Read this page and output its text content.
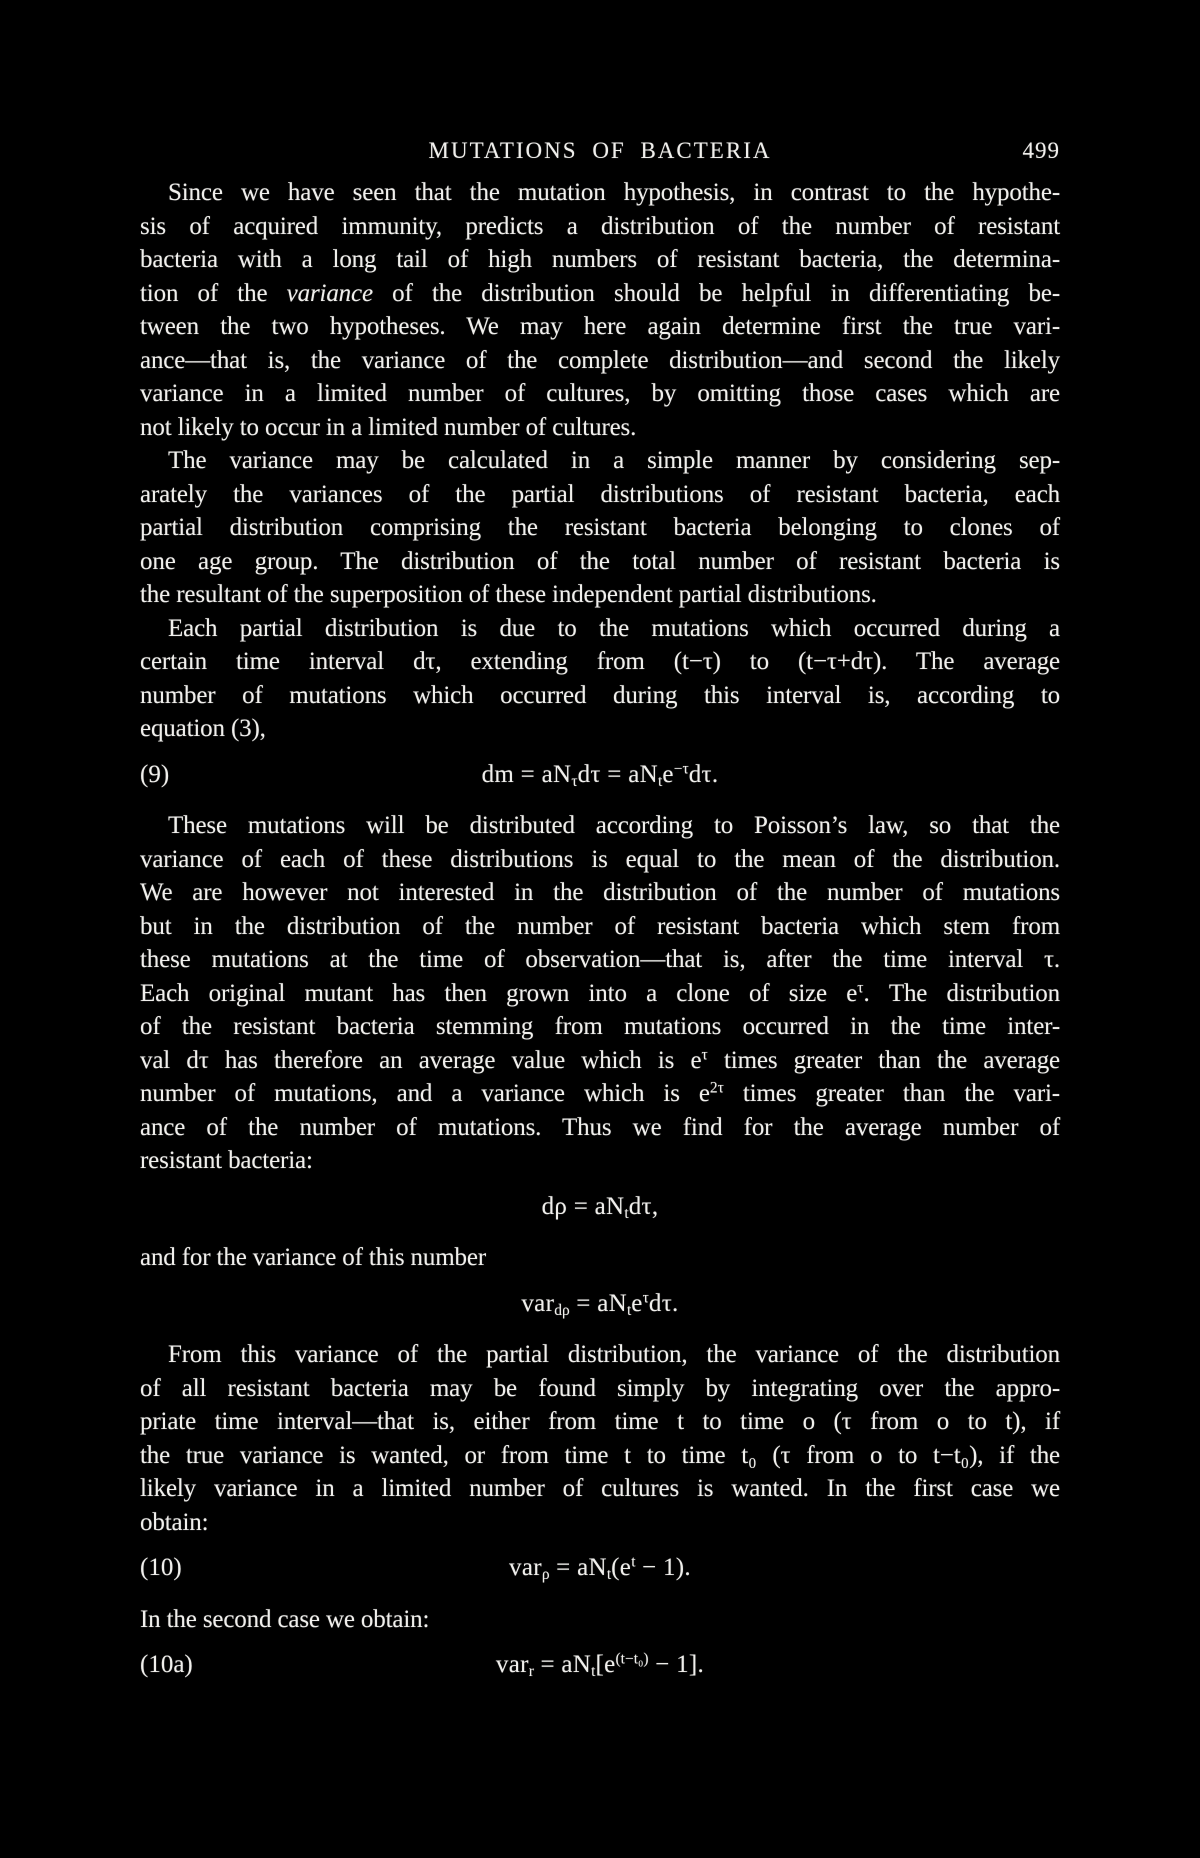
MUTATIONS OF BACTERIA	499
Since we have seen that the mutation hypothesis, in contrast to the hypothe-
sis of acquired immunity, predicts a distribution of the number of resistant
bacteria with a long tail of high numbers of resistant bacteria, the determina-
tion of the variance of the distribution should be helpful in differentiating be-
tween the two hypotheses. We may here again determine first the true vari-
ance—that is, the variance of the complete distribution—and second the likely
variance in a limited number of cultures, by omitting those cases which are
not likely to occur in a limited number of cultures.
The variance may be calculated in a simple manner by considering sep-
arately the variances of the partial distributions of resistant bacteria, each
partial distribution comprising the resistant bacteria belonging to clones of
one age group. The distribution of the total number of resistant bacteria is
the resultant of the superposition of these independent partial distributions.
Each partial distribution is due to the mutations which occurred during a
certain time interval dτ, extending from (t−τ) to (t−τ+dτ). The average
number of mutations which occurred during this interval is, according to
equation (3),
(9)	dm = $aN_\tau d\tau = aN_te^{-\tau}d\tau$.
These mutations will be distributed according to Poisson’s law, so that the
variance of each of these distributions is equal to the mean of the distribution.
We are however not interested in the distribution of the number of mutations
but in the distribution of the number of resistant bacteria which stem from
these mutations at the time of observation—that is, after the time interval τ.
Each original mutant has then grown into a clone of size $e^\tau$. The distribution
of the resistant bacteria stemming from mutations occurred in the time inter-
val dτ has therefore an average value which is $e^\tau$ times greater than the average
number of mutations, and a variance which is $e^{2\tau}$ times greater than the vari-
ance of the number of mutations. Thus we find for the average number of
resistant bacteria:
$d\rho = aN_td\tau$,
and for the variance of this number
$var_{d\rho} = aN_te^\tau d\tau$.
From this variance of the partial distribution, the variance of the distribution
of all resistant bacteria may be found simply by integrating over the appro-
priate time interval—that is, either from time t to time o (τ from o to t), if
the true variance is wanted, or from time t to time t₀ (τ from o to t−t₀), if the
likely variance in a limited number of cultures is wanted. In the first case we
obtain:
(10)	$var_\rho = aN_t(e^t - 1)$.
In the second case we obtain:
(10a)	$var_r = aN_t[e^{(t-t_0)} - 1]$.
